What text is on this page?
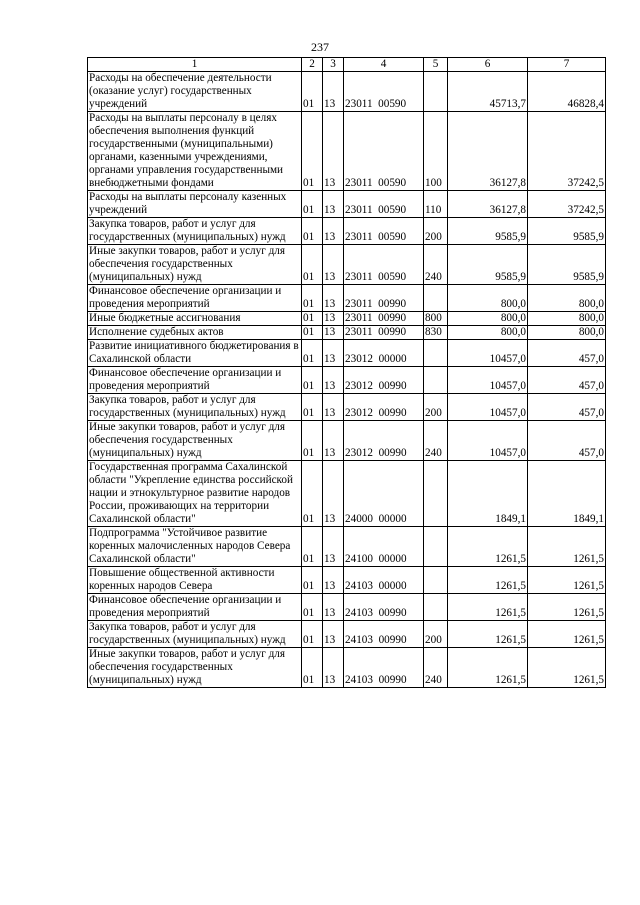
237
1	2	3	4	5	6	7
Расходы на обеспечение деятельности (оказание услуг) государственных учреждений	01	13	23011  00590		45713,7	46828,4
Расходы на выплаты персоналу в целях обеспечения выполнения функций государственными (муниципальными) органами, казенными учреждениями, органами управления государственными внебюджетными фондами	01	13	23011  00590	100	36127,8	37242,5
Расходы на выплаты персоналу казенных учреждений	01	13	23011  00590	110	36127,8	37242,5
Закупка товаров, работ и услуг для государственных (муниципальных) нужд	01	13	23011  00590	200	9585,9	9585,9
Иные закупки товаров, работ и услуг для обеспечения государственных (муниципальных) нужд	01	13	23011  00590	240	9585,9	9585,9
Финансовое обеспечение организации и проведения мероприятий	01	13	23011  00990		800,0	800,0
Иные бюджетные ассигнования	01	13	23011  00990	800	800,0	800,0
Исполнение судебных актов	01	13	23011  00990	830	800,0	800,0
Развитие инициативного бюджетирования в Сахалинской области	01	13	23012  00000		10457,0	457,0
Финансовое обеспечение организации и проведения мероприятий	01	13	23012  00990		10457,0	457,0
Закупка товаров, работ и услуг для государственных (муниципальных) нужд	01	13	23012  00990	200	10457,0	457,0
Иные закупки товаров, работ и услуг для обеспечения государственных (муниципальных) нужд	01	13	23012  00990	240	10457,0	457,0
Государственная программа Сахалинской области "Укрепление единства российской нации и этнокультурное развитие народов России, проживающих на территории Сахалинской области"	01	13	24000  00000		1849,1	1849,1
Подпрограмма "Устойчивое развитие коренных малочисленных народов Севера Сахалинской области"	01	13	24100  00000		1261,5	1261,5
Повышение общественной активности коренных народов Севера	01	13	24103  00000		1261,5	1261,5
Финансовое обеспечение организации и проведения мероприятий	01	13	24103  00990		1261,5	1261,5
Закупка товаров, работ и услуг для государственных (муниципальных) нужд	01	13	24103  00990	200	1261,5	1261,5
Иные закупки товаров, работ и услуг для обеспечения государственных (муниципальных) нужд	01	13	24103  00990	240	1261,5	1261,5
